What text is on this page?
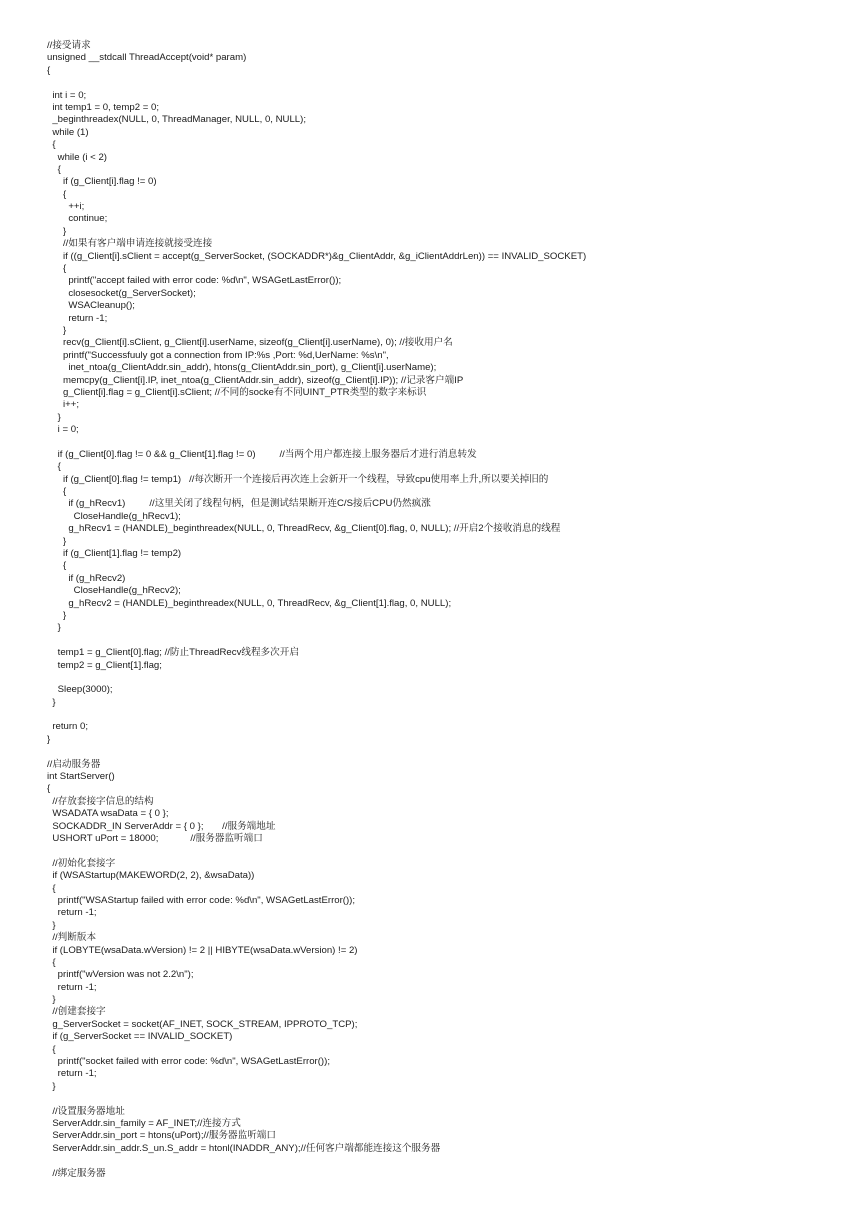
//接受请求
unsigned __stdcall ThreadAccept(void* param)
{
int i = 0;
int temp1 = 0, temp2 = 0;
_beginthreadex(NULL, 0, ThreadManager, NULL, 0, NULL);
while (1)
{
while (i < 2)
{
if (g_Client[i].flag != 0)
{
++i;
continue;
}
//如果有客户端申请连接就接受连接
if ((g_Client[i].sClient = accept(g_ServerSocket, (SOCKADDR*)&g_ClientAddr, &g_iClientAddrLen)) == INVALID_SOCKET)
{
printf("accept failed with error code: %d\n", WSAGetLastError());
closesocket(g_ServerSocket);
WSACleanup();
return -1;
}
recv(g_Client[i].sClient, g_Client[i].userName, sizeof(g_Client[i].userName), 0); //接收用户名
printf("Successfuuly got a connection from IP:%s ,Port: %d,UerName: %s\n",
inet_ntoa(g_ClientAddr.sin_addr), htons(g_ClientAddr.sin_port), g_Client[i].userName);
memcpy(g_Client[i].IP, inet_ntoa(g_ClientAddr.sin_addr), sizeof(g_Client[i].IP)); //记录客户端IP
g_Client[i].flag = g_Client[i].sClient; //不同的socke有不同UINT_PTR类型的数字来标识
i++;
}
i = 0;
if (g_Client[0].flag != 0 && g_Client[1].flag != 0)         //当两个用户都连接上服务器后才进行消息转发
{
if (g_Client[0].flag != temp1)   //每次断开一个连接后再次连上会新开一个线程，导致cpu使用率上升,所以要关掉旧的
{
if (g_hRecv1)         //这里关闭了线程句柄，但是测试结果断开连C/S接后CPU仍然疯涨
CloseHandle(g_hRecv1);
g_hRecv1 = (HANDLE)_beginthreadex(NULL, 0, ThreadRecv, &g_Client[0].flag, 0, NULL); //开启2个接收消息的线程
}
if (g_Client[1].flag != temp2)
{
if (g_hRecv2)
CloseHandle(g_hRecv2);
g_hRecv2 = (HANDLE)_beginthreadex(NULL, 0, ThreadRecv, &g_Client[1].flag, 0, NULL);
}
}
temp1 = g_Client[0].flag; //防止ThreadRecv线程多次开启
temp2 = g_Client[1].flag;
Sleep(3000);
}
return 0;
}
//启动服务器
int StartServer()
{
//存放套接字信息的结构
WSADATA wsaData = { 0 };
SOCKADDR_IN ServerAddr = { 0 };       //服务端地址
USHORT uPort = 18000;            //服务器监听端口
//初始化套接字
if (WSAStartup(MAKEWORD(2, 2), &wsaData))
{
printf("WSAStartup failed with error code: %d\n", WSAGetLastError());
return -1;
}
//判断版本
if (LOBYTE(wsaData.wVersion) != 2 || HIBYTE(wsaData.wVersion) != 2)
{
printf("wVersion was not 2.2\n");
return -1;
}
//创建套接字
g_ServerSocket = socket(AF_INET, SOCK_STREAM, IPPROTO_TCP);
if (g_ServerSocket == INVALID_SOCKET)
{
printf("socket failed with error code: %d\n", WSAGetLastError());
return -1;
}
//设置服务器地址
ServerAddr.sin_family = AF_INET;//连接方式
ServerAddr.sin_port = htons(uPort);//服务器监听端口
ServerAddr.sin_addr.S_un.S_addr = htonl(INADDR_ANY);//任何客户端都能连接这个服务器
//绑定服务器
